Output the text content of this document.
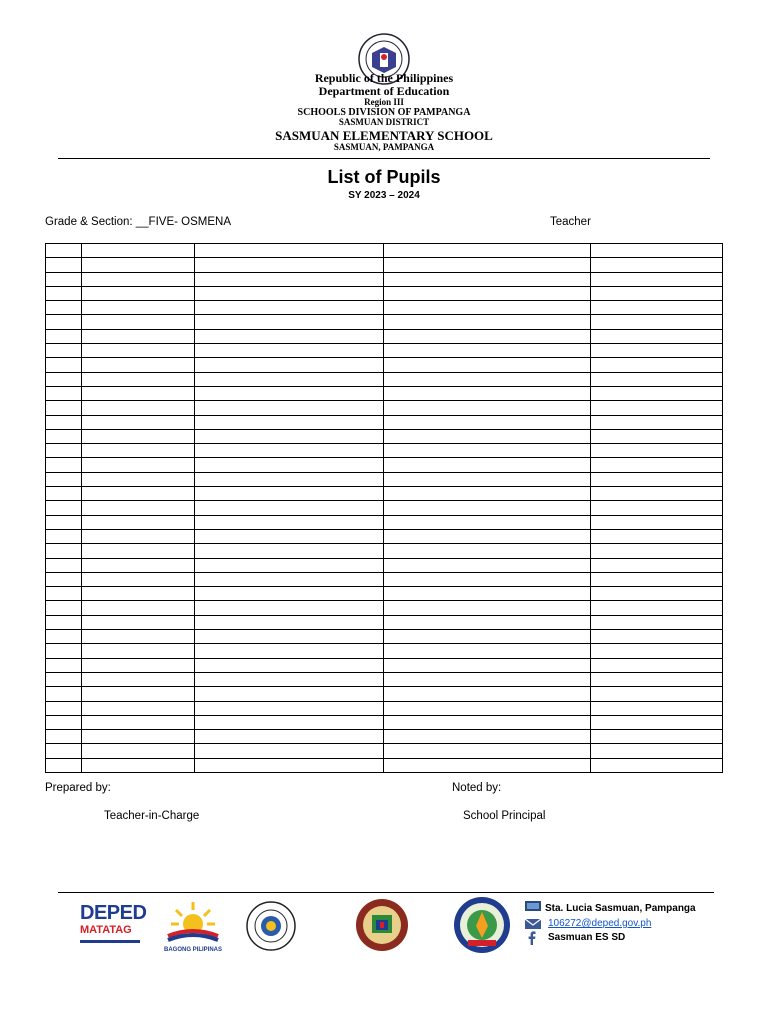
Republic of the Philippines
Department of Education
Region III
SCHOOLS DIVISION OF PAMPANGA
SASMUAN DISTRICT
SASMUAN ELEMENTARY SCHOOL
SASMUAN, PAMPANGA
List of Pupils
SY 2023 – 2024
Grade & Section: __FIVE- OSMENA	Teacher

Prepared by:
Teacher-in-Charge
Noted by:
School Principal
DEPED
MATATAG
BAGONG PILIPINAS
Sta. Lucia Sasmuan, Pampanga
106272@deped.gov.ph
Sasmuan ES SD
